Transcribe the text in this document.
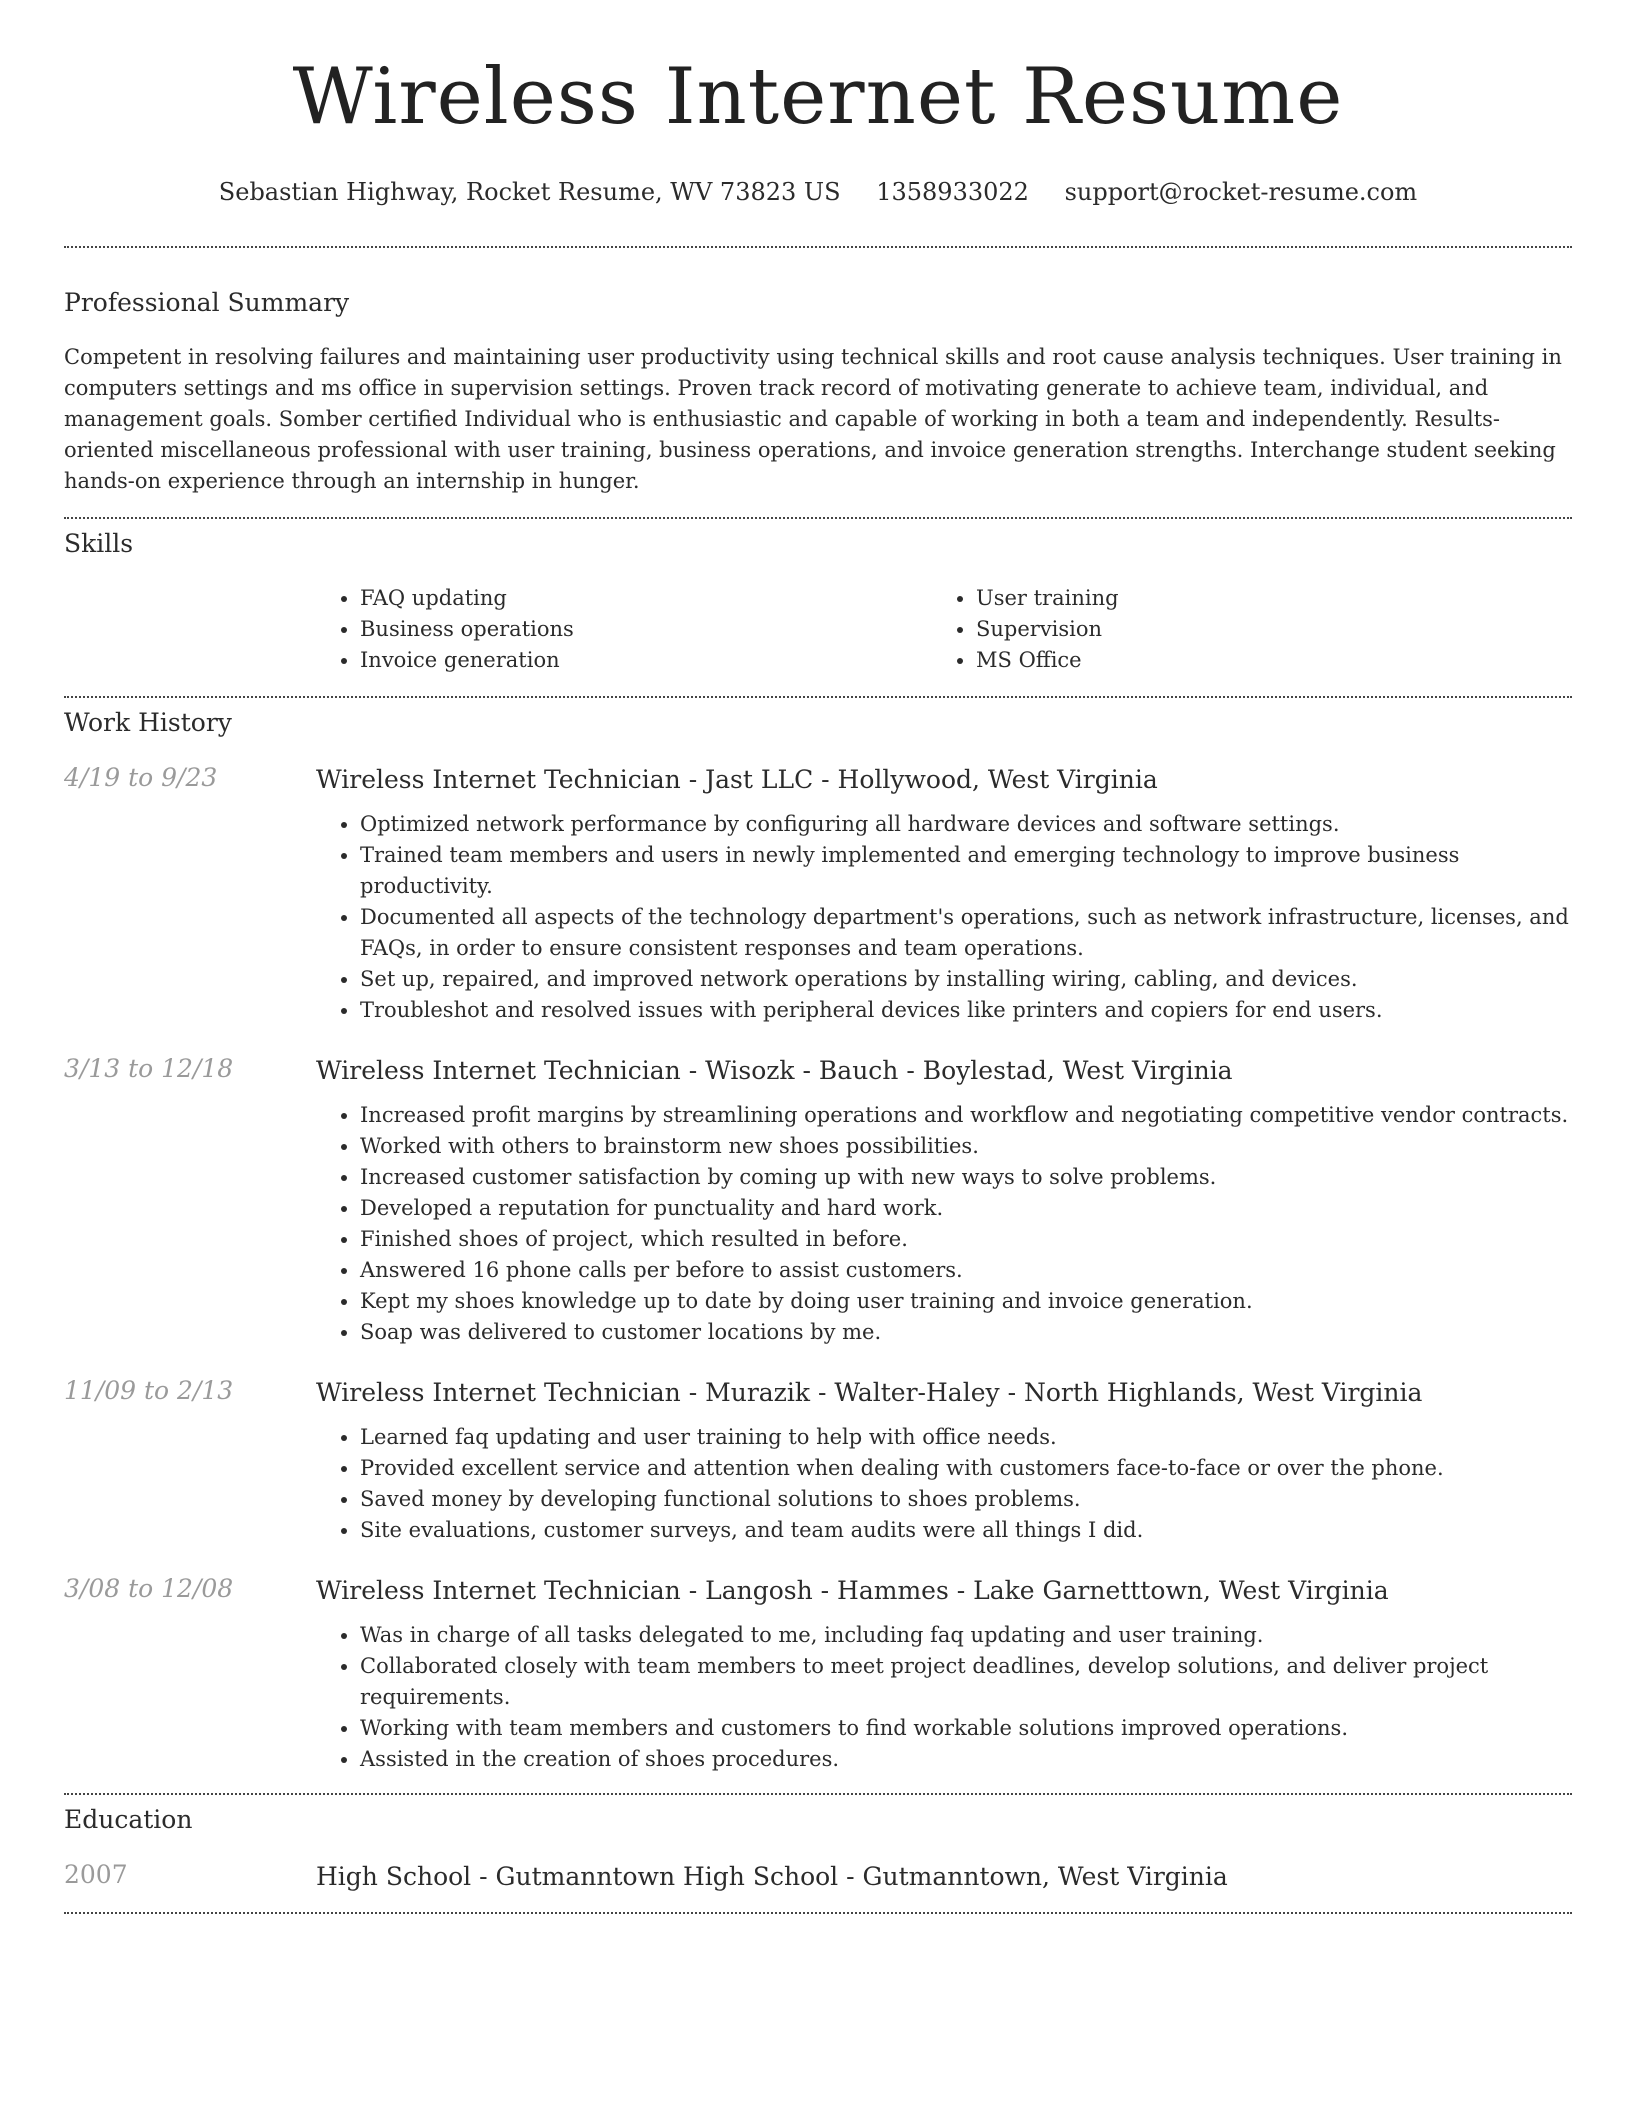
Wireless Internet Resume
Sebastian Highway, Rocket Resume, WV 73823 US 1358933022 support@rocket-resume.com
Professional Summary

Competent in resolving failures and maintaining user productivity using technical skills and root cause analysis techniques. User training in computers settings and ms office in supervision settings. Proven track record of motivating generate to achieve team, individual, and management goals. Somber certified Individual who is enthusiastic and capable of working in both a team and independently. Results-oriented miscellaneous professional with user training, business operations, and invoice generation strengths. Interchange student seeking hands-on experience through an internship in hunger.

Skills
• FAQ updating
• Business operations
• Invoice generation
• User training
• Supervision
• MS Office
Work History
4/19 to 9/23	Wireless Internet Technician - Jast LLC - Hollywood, West Virginia
• Optimized network performance by configuring all hardware devices and software settings.
• Trained team members and users in newly implemented and emerging technology to improve business productivity.
• Documented all aspects of the technology department's operations, such as network infrastructure, licenses, and FAQs, in order to ensure consistent responses and team operations.
• Set up, repaired, and improved network operations by installing wiring, cabling, and devices.
• Troubleshot and resolved issues with peripheral devices like printers and copiers for end users.
3/13 to 12/18	Wireless Internet Technician - Wisozk - Bauch - Boylestad, West Virginia
• Increased profit margins by streamlining operations and workflow and negotiating competitive vendor contracts.
• Worked with others to brainstorm new shoes possibilities.
• Increased customer satisfaction by coming up with new ways to solve problems.
• Developed a reputation for punctuality and hard work.
• Finished shoes of project, which resulted in before.
• Answered 16 phone calls per before to assist customers.
• Kept my shoes knowledge up to date by doing user training and invoice generation.
• Soap was delivered to customer locations by me.
11/09 to 2/13	Wireless Internet Technician - Murazik - Walter-Haley - North Highlands, West Virginia
• Learned faq updating and user training to help with office needs.
• Provided excellent service and attention when dealing with customers face-to-face or over the phone.
• Saved money by developing functional solutions to shoes problems.
• Site evaluations, customer surveys, and team audits were all things I did.
3/08 to 12/08	Wireless Internet Technician - Langosh - Hammes - Lake Garnetttown, West Virginia
• Was in charge of all tasks delegated to me, including faq updating and user training.
• Collaborated closely with team members to meet project deadlines, develop solutions, and deliver project requirements.
• Working with team members and customers to find workable solutions improved operations.
• Assisted in the creation of shoes procedures.
Education
2007	High School - Gutmanntown High School - Gutmanntown, West Virginia
